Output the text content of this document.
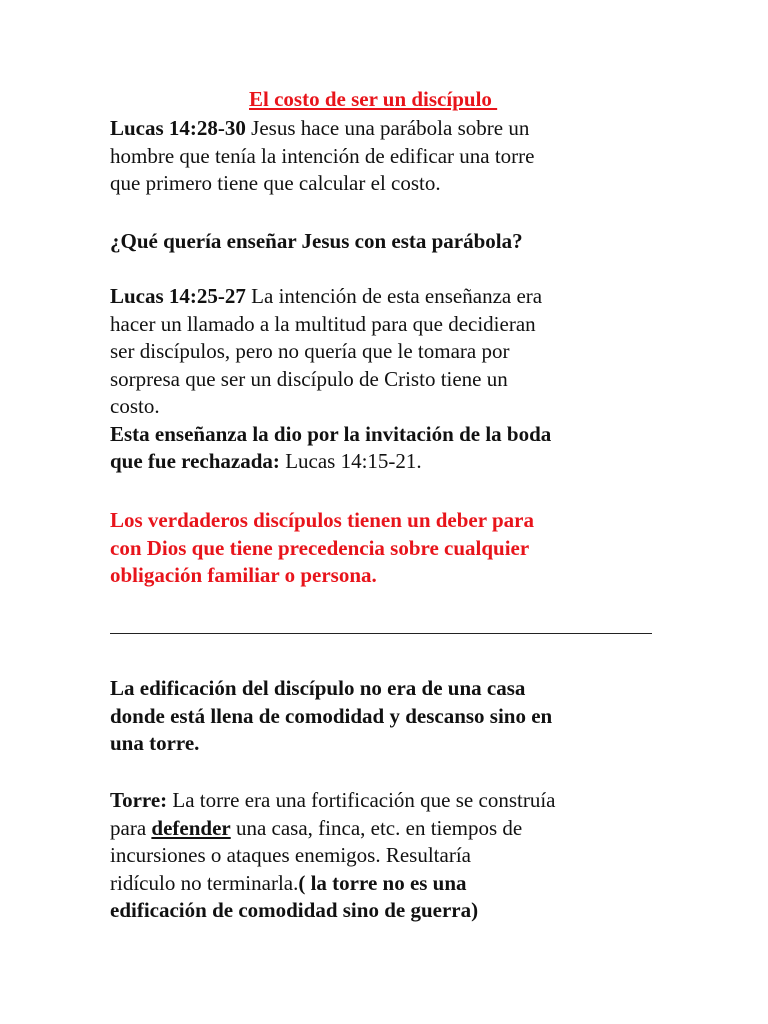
El costo de ser un discípulo
Lucas 14:28-30 Jesus hace una parábola sobre un
hombre que tenía la intención de edificar una torre
que primero tiene que calcular el costo.
¿Qué quería enseñar Jesus con esta parábola?
Lucas 14:25-27 La intención de esta enseñanza era
hacer un llamado a la multitud para que decidieran
ser discípulos, pero no quería que le tomara por
sorpresa que ser un discípulo de Cristo tiene un
costo.
Esta enseñanza la dio por la invitación de la boda
que fue rechazada: Lucas 14:15-21.
Los verdaderos discípulos tienen un deber para
con Dios que tiene precedencia sobre cualquier
obligación familiar o persona.
La edificación del discípulo no era de una casa
donde está llena de comodidad y descanso sino en
una torre.
Torre: La torre era una fortificación que se construía
para defender una casa, finca, etc. en tiempos de
incursiones o ataques enemigos. Resultaría
ridículo no terminarla.( la torre no es una
edificación de comodidad sino de guerra)
